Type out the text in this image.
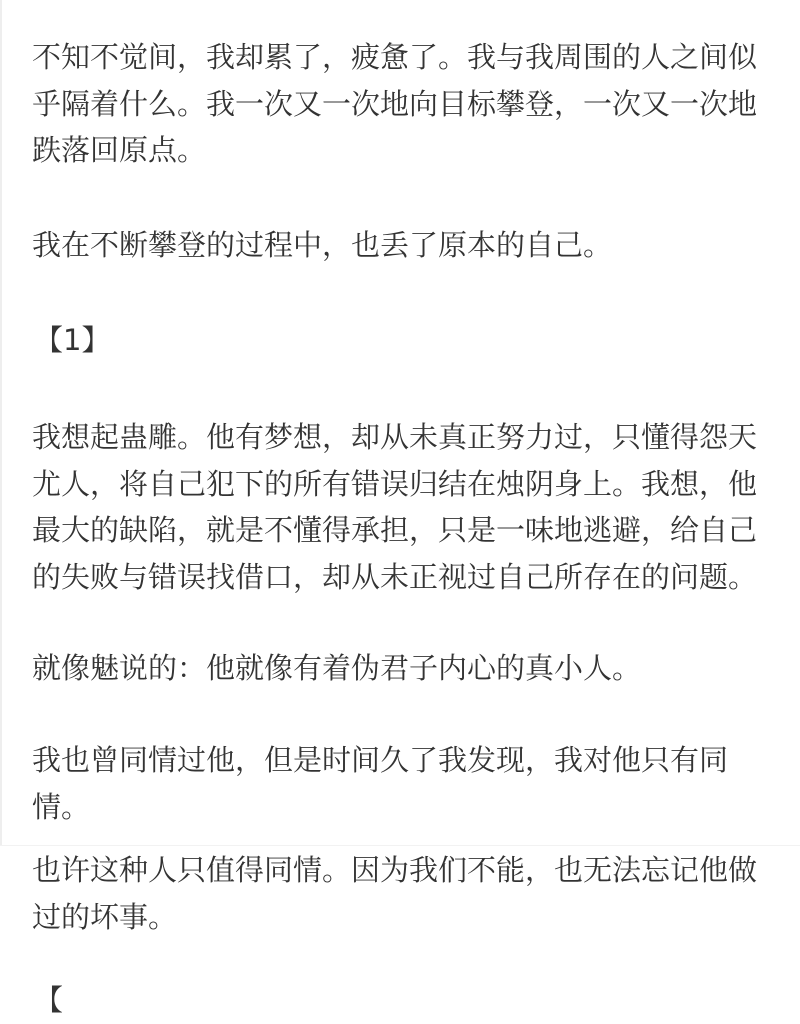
不知不觉间，我却累了，疲惫了。我与我周围的人之间似
乎隔着什么。我一次又一次地向目标攀登，一次又一次地
跌落回原点。
我在不断攀登的过程中，也丢了原本的自己。
【1】
我想起蛊雕。他有梦想，却从未真正努力过，只懂得怨天
尤人，将自己犯下的所有错误归结在烛阴身上。我想，他
最大的缺陷，就是不懂得承担，只是一味地逃避，给自己
的失败与错误找借口，却从未正视过自己所存在的问题。
就像魅说的：他就像有着伪君子内心的真小人。
我也曾同情过他，但是时间久了我发现，我对他只有同
情。
也许这种人只值得同情。因为我们不能，也无法忘记他做
过的坏事。
【
